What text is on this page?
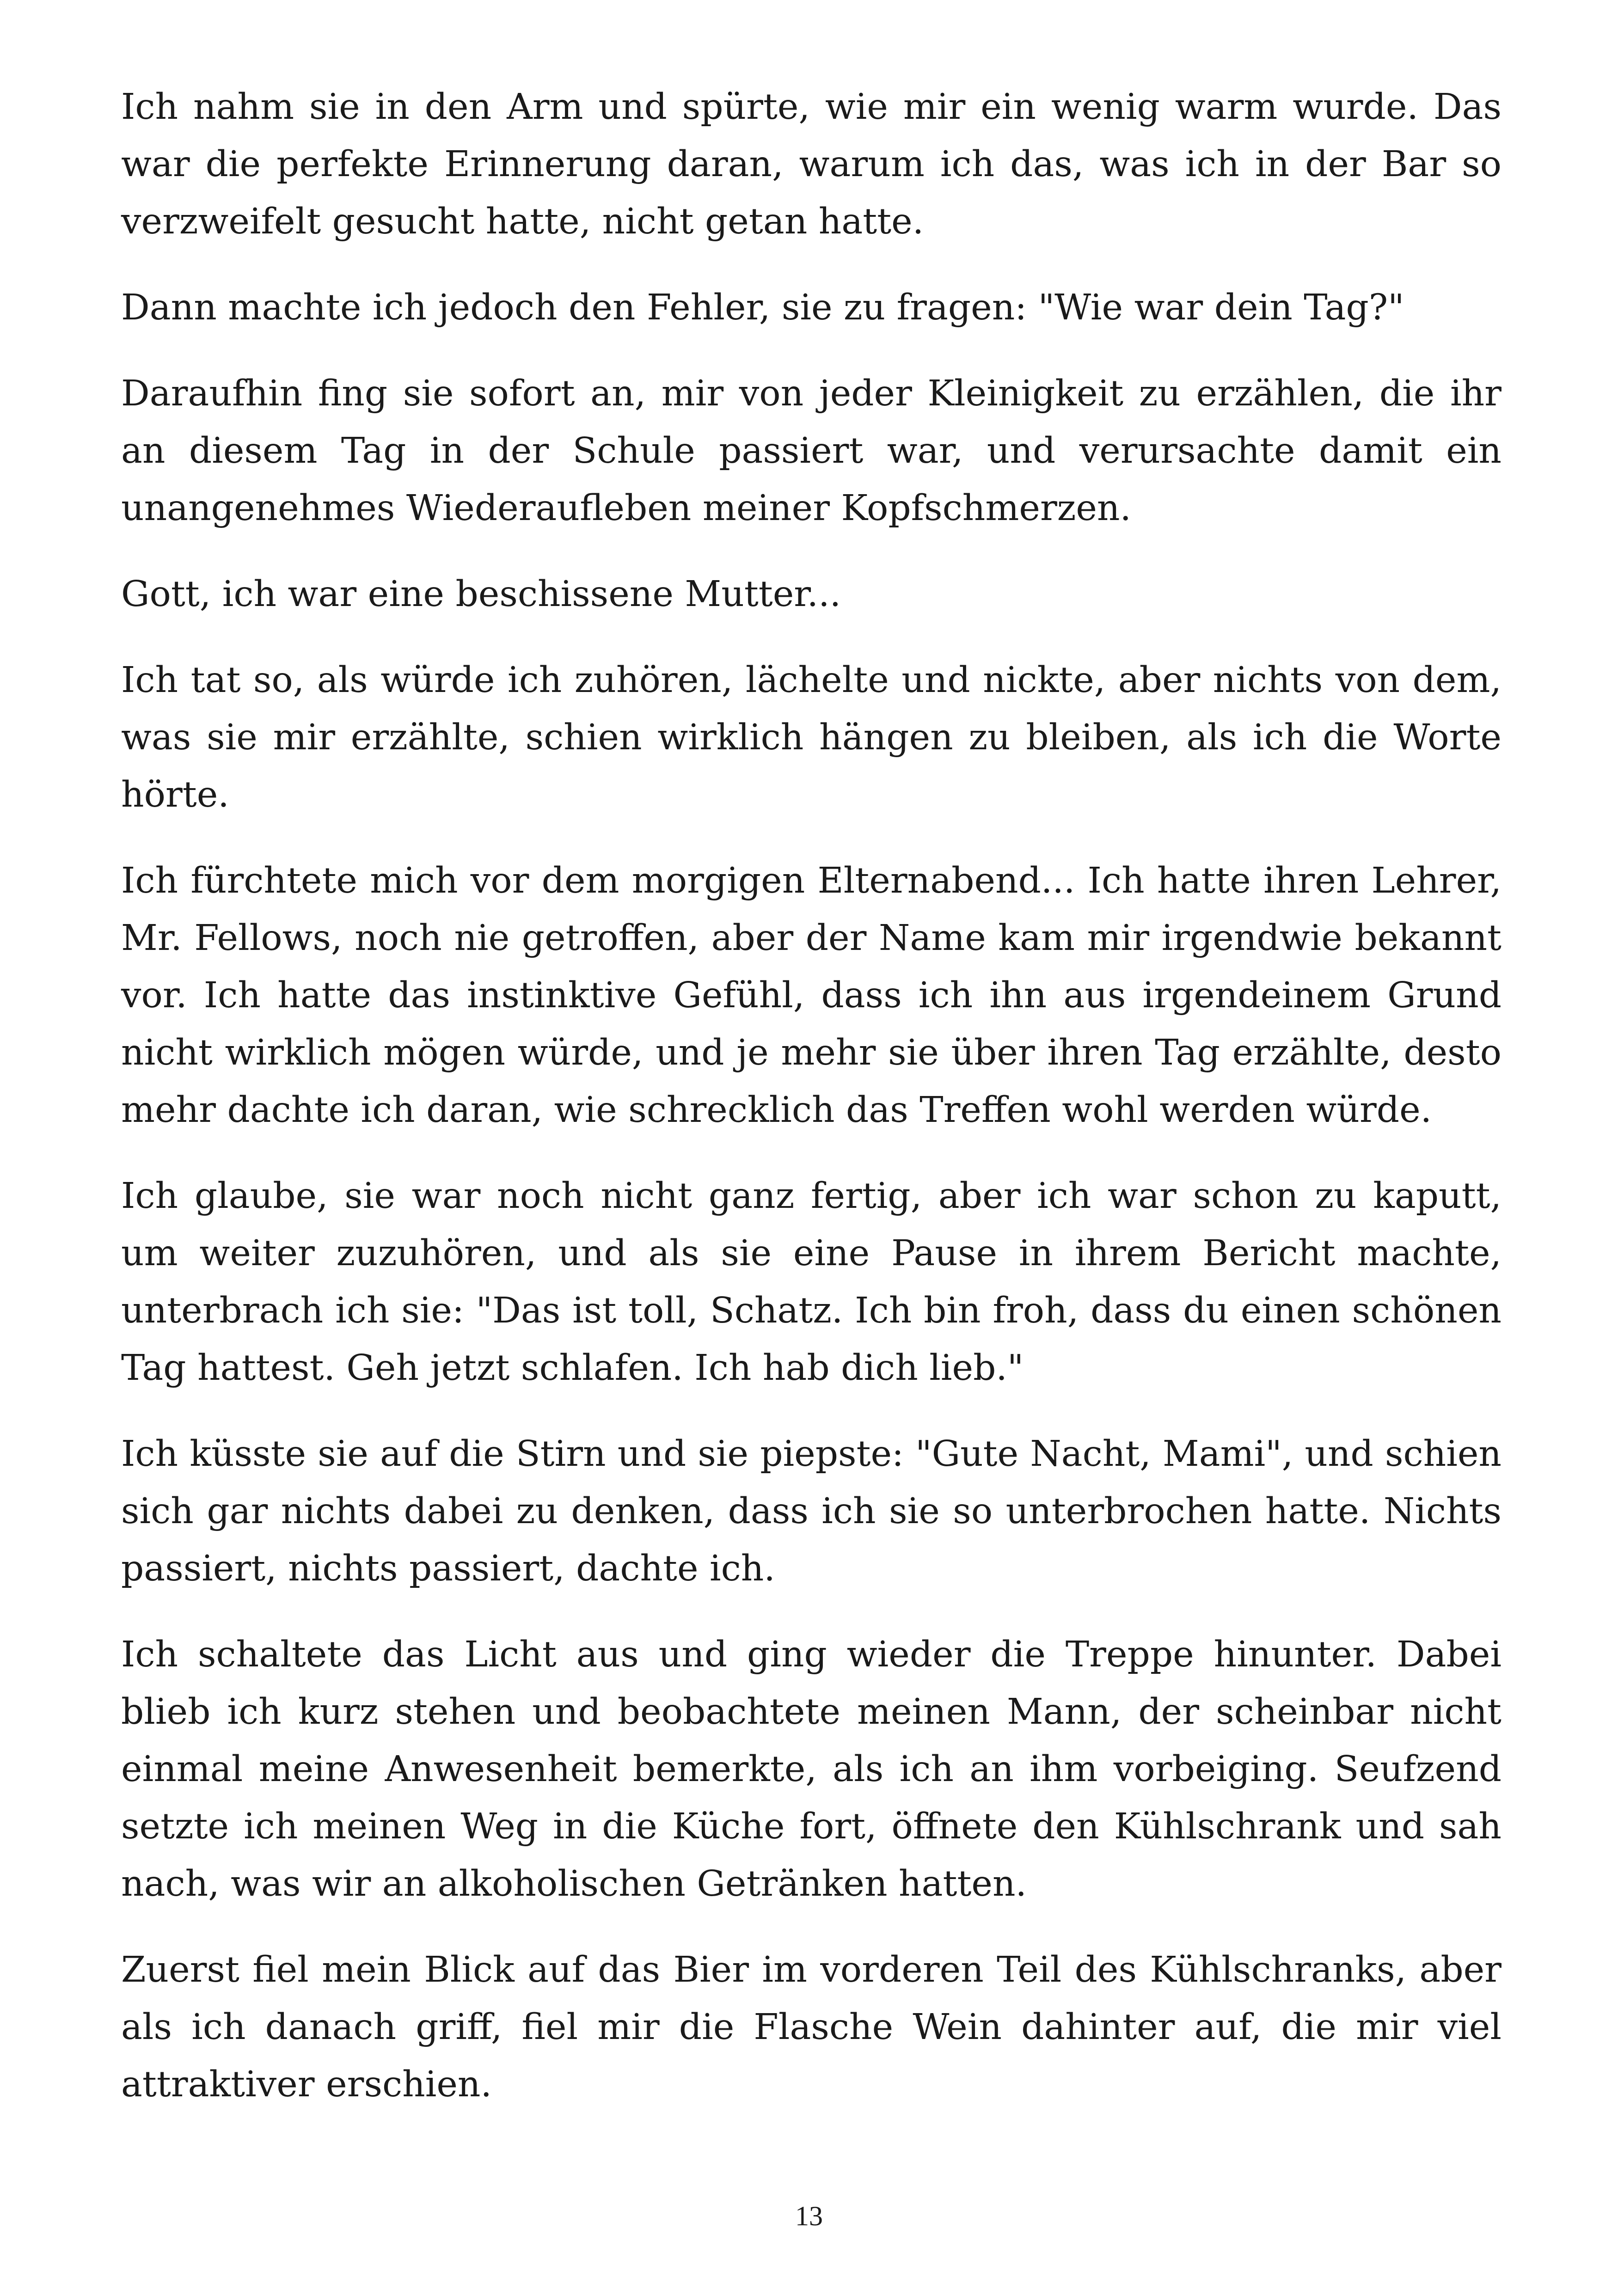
Ich nahm sie in den Arm und spürte, wie mir ein wenig warm wurde. Das war die perfekte Erinnerung daran, warum ich das, was ich in der Bar so verzweifelt gesucht hatte, nicht getan hatte.

Dann machte ich jedoch den Fehler, sie zu fragen: "Wie war dein Tag?"

Daraufhin fing sie sofort an, mir von jeder Kleinigkeit zu erzählen, die ihr an diesem Tag in der Schule passiert war, und verursachte damit ein unangenehmes Wiederaufleben meiner Kopfschmerzen.

Gott, ich war eine beschissene Mutter...

Ich tat so, als würde ich zuhören, lächelte und nickte, aber nichts von dem, was sie mir erzählte, schien wirklich hängen zu bleiben, als ich die Worte hörte.

Ich fürchtete mich vor dem morgigen Elternabend... Ich hatte ihren Lehrer, Mr. Fellows, noch nie getroffen, aber der Name kam mir irgendwie bekannt vor. Ich hatte das instinktive Gefühl, dass ich ihn aus irgendeinem Grund nicht wirklich mögen würde, und je mehr sie über ihren Tag erzählte, desto mehr dachte ich daran, wie schrecklich das Treffen wohl werden würde.

Ich glaube, sie war noch nicht ganz fertig, aber ich war schon zu kaputt, um weiter zuzuhören, und als sie eine Pause in ihrem Bericht machte, unterbrach ich sie: "Das ist toll, Schatz. Ich bin froh, dass du einen schönen Tag hattest. Geh jetzt schlafen. Ich hab dich lieb."

Ich küsste sie auf die Stirn und sie piepste: "Gute Nacht, Mami", und schien sich gar nichts dabei zu denken, dass ich sie so unterbrochen hatte. Nichts passiert, nichts passiert, dachte ich.

Ich schaltete das Licht aus und ging wieder die Treppe hinunter. Dabei blieb ich kurz stehen und beobachtete meinen Mann, der scheinbar nicht einmal meine Anwesenheit bemerkte, als ich an ihm vorbeiging. Seufzend setzte ich meinen Weg in die Küche fort, öffnete den Kühlschrank und sah nach, was wir an alkoholischen Getränken hatten.

Zuerst fiel mein Blick auf das Bier im vorderen Teil des Kühlschranks, aber als ich danach griff, fiel mir die Flasche Wein dahinter auf, die mir viel attraktiver erschien.

13
